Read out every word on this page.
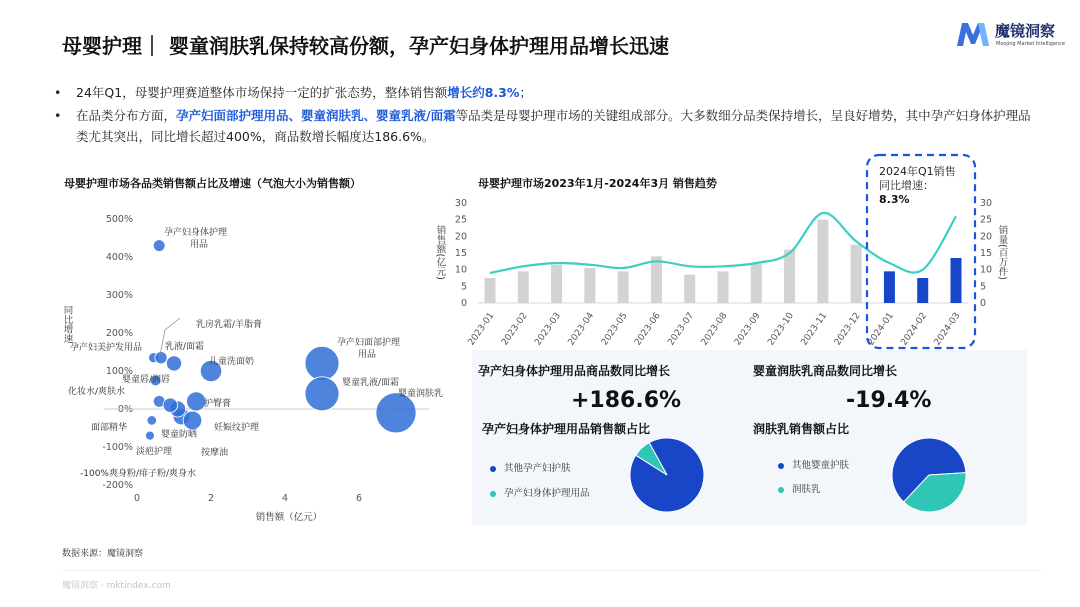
母婴护理｜ 婴童润肤乳保持较高份额，孕产妇身体护理用品增长迅速
魔镜洞察
Moojing Market Intelligence
• 24年Q1，母婴护理赛道整体市场保持一定的扩张态势，整体销售额增长约8.3%；
• 在品类分布方面，孕产妇面部护理用品、婴童润肤乳、婴童乳液/面霜等品类是母婴护理市场的关键组成部分。大多数细分品类保持增长，呈良好增势，其中孕产妇身体护理品类尤其突出，同比增长超过400%，商品数增长幅度达186.6%。
母婴护理市场各品类销售额占比及增速（气泡大小为销售额）	母婴护理市场2023年1月-2024年3月 销售趋势
500%
400%
300%
200%
100%
0%
-100%
-200%
0	2	4	6
同比增速
销售额（亿元）
孕产妇身体护理
用品
乳房乳霜/羊脂膏
孕产妇美护发用品	乳液/面霜
儿童洗面奶
婴童唇/润唇
化妆水/爽肤水
护臀膏
面部精华
婴童防晒
妊娠纹护理
淡疤护理	按摩油
-100%爽身粉/痱子粉/爽身水
孕产妇面部护理
用品
婴童乳液/面霜
婴童润肤乳
0
5
10
15
20
25
30
0
5
10
15
20
25
30
销售额(亿元)	销量(百万件)
2023-01 2023-02 2023-03 2023-04 2023-05 2023-06 2023-07 2023-08 2023-09 2023-10 2023-11 2023-12 2024-01 2024-02 2024-03
2024年Q1销售
同比增速：
8.3%
孕产妇身体护理用品商品数同比增长
+186.6%
婴童润肤乳商品数同比增长
-19.4%
孕产妇身体护理用品销售额占比	润肤乳销售额占比
其他孕产妇护肤
孕产妇身体护理用品
其他婴童护肤
润肤乳
数据来源：魔镜洞察
魔镜洞察 · mktindex.com
